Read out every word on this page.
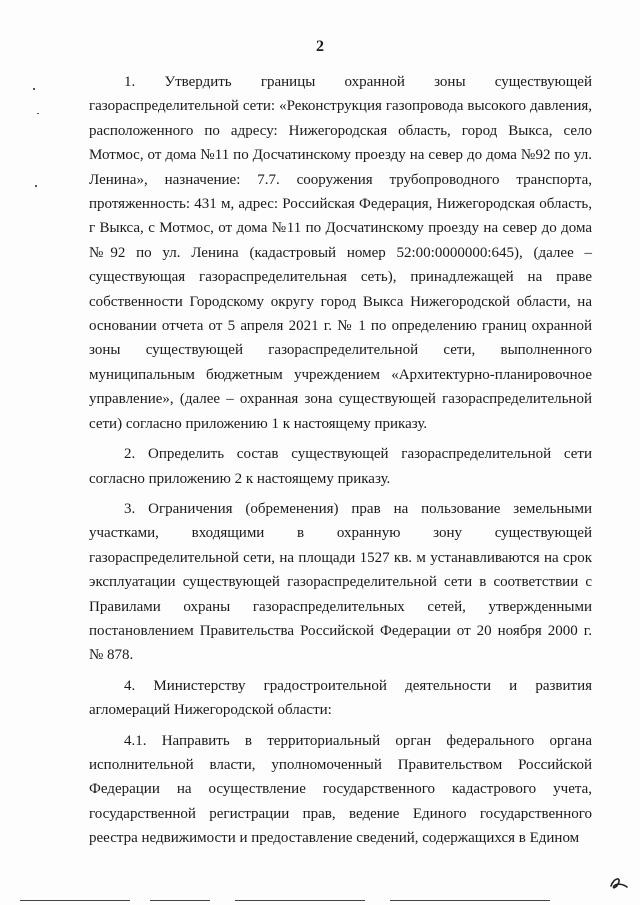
2

1. Утвердить границы охранной зоны существующей газораспределительной сети: «Реконструкция газопровода высокого давления, расположенного по адресу: Нижегородская область, город Выкса, село Мотмос, от дома №11 по Досчатинскому проезду на север до дома №92 по ул. Ленина», назначение: 7.7. сооружения трубопроводного транспорта, протяженность: 431 м, адрес: Российская Федерация, Нижегородская область, г Выкса, с Мотмос, от дома №11 по Досчатинскому проезду на север до дома №92 по ул. Ленина (кадастровый номер 52:00:0000000:645), (далее – существующая газораспределительная сеть), принадлежащей на праве собственности Городскому округу город Выкса Нижегородской области, на основании отчета от 5 апреля 2021 г. № 1 по определению границ охранной зоны существующей газораспределительной сети, выполненного муниципальным бюджетным учреждением «Архитектурно-планировочное управление», (далее – охранная зона существующей газораспределительной сети) согласно приложению 1 к настоящему приказу.

2. Определить состав существующей газораспределительной сети согласно приложению 2 к настоящему приказу.

3. Ограничения (обременения) прав на пользование земельными участками, входящими в охранную зону существующей газораспределительной сети, на площади 1527 кв. м устанавливаются на срок эксплуатации существующей газораспределительной сети в соответствии с Правилами охраны газораспределительных сетей, утвержденными постановлением Правительства Российской Федерации от 20 ноября 2000 г. № 878.

4. Министерству градостроительной деятельности и развития агломераций Нижегородской области:

4.1. Направить в территориальный орган федерального органа исполнительной власти, уполномоченный Правительством Российской Федерации на осуществление государственного кадастрового учета, государственной регистрации прав, ведение Единого государственного реестра недвижимости и предоставление сведений, содержащихся в Едином
